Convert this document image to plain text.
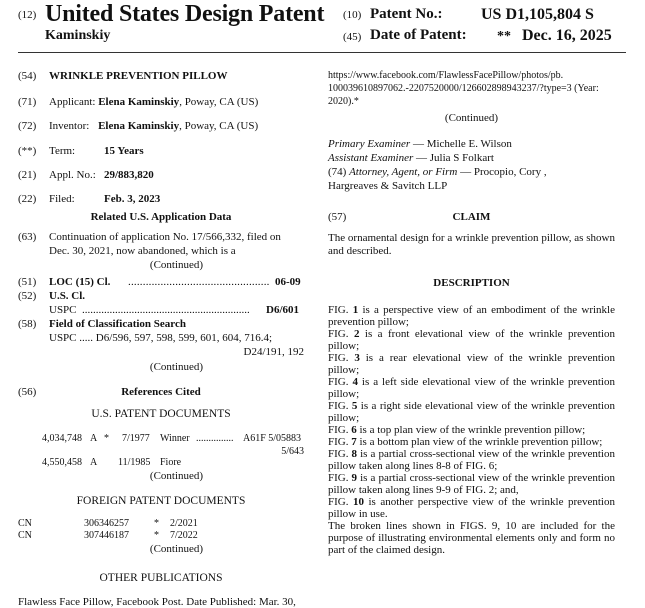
(12) United States Design Patent
Kaminskiy
(10) Patent No.: US D1,105,804 S
(45) Date of Patent: ** Dec. 16, 2025
(54) WRINKLE PREVENTION PILLOW
(71) Applicant: Elena Kaminskiy, Poway, CA (US)
(72) Inventor: Elena Kaminskiy, Poway, CA (US)
(**) Term:	15 Years
(21) Appl. No.: 29/883,820
(22) Filed:	Feb. 3, 2023
Related U.S. Application Data
(63) Continuation of application No. 17/566,332, filed on
Dec. 30, 2021, now abandoned, which is a
(Continued)
(51) LOC (15) Cl. ................................................ 06-09
(52) U.S. Cl.
USPC ............................................................. D6/601
(58) Field of Classification Search
USPC ..... D6/596, 597, 598, 599, 601, 604, 716.4;
D24/191, 192
(Continued)
(56)	References Cited
U.S. PATENT DOCUMENTS
4,034,748 A * 7/1977 Winner ............... A61F 5/05883
5/643
4,550,458 A 11/1985 Fiore
(Continued)
FOREIGN PATENT DOCUMENTS
CN	306346257	* 2/2021
CN	307446187	* 7/2022
(Continued)
OTHER PUBLICATIONS
Flawless Face Pillow, Facebook Post. Date Published: Mar. 30,
https://www.facebook.com/FlawlessFacePillow/photos/pb.
100039610897062.-2207520000/126602898943237/?type=3 (Year:
2020).*
(Continued)
Primary Examiner — Michelle E. Wilson
Assistant Examiner — Julia S Folkart
(74) Attorney, Agent, or Firm — Procopio, Cory ,
Hargreaves & Savitch LLP
(57)	CLAIM
The ornamental design for a wrinkle prevention pillow, as shown and described.
DESCRIPTION
FIG. 1 is a perspective view of an embodiment of the wrinkle prevention pillow;
FIG. 2 is a front elevational view of the wrinkle prevention pillow;
FIG. 3 is a rear elevational view of the wrinkle prevention pillow;
FIG. 4 is a left side elevational view of the wrinkle prevention pillow;
FIG. 5 is a right side elevational view of the wrinkle prevention pillow;
FIG. 6 is a top plan view of the wrinkle prevention pillow;
FIG. 7 is a bottom plan view of the wrinkle prevention pillow;
FIG. 8 is a partial cross-sectional view of the wrinkle prevention pillow taken along lines 8-8 of FIG. 6;
FIG. 9 is a partial cross-sectional view of the wrinkle prevention pillow taken along lines 9-9 of FIG. 2; and,
FIG. 10 is another perspective view of the wrinkle prevention pillow in use.
The broken lines shown in FIGS. 9, 10 are included for the purpose of illustrating environmental elements only and form no part of the claimed design.
